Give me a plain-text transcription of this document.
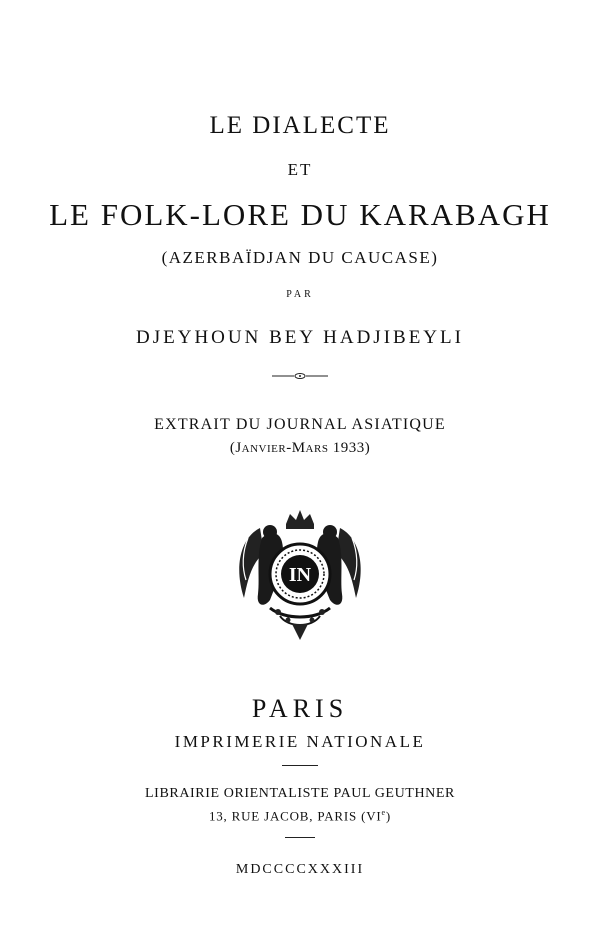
LE DIALECTE
ET
LE FOLK-LORE DU KARABAGH
(AZERBAÏDJAN DU CAUCASE)
PAR
DJEYHOUN BEY HADJIBEYLI
EXTRAIT DU JOURNAL ASIATIQUE
(Janvier-Mars 1933)
IN
PARIS
IMPRIMERIE NATIONALE
LIBRAIRIE ORIENTALISTE PAUL GEUTHNER
13, RUE JACOB, PARIS (VIe)
MDCCCCXXXIII
